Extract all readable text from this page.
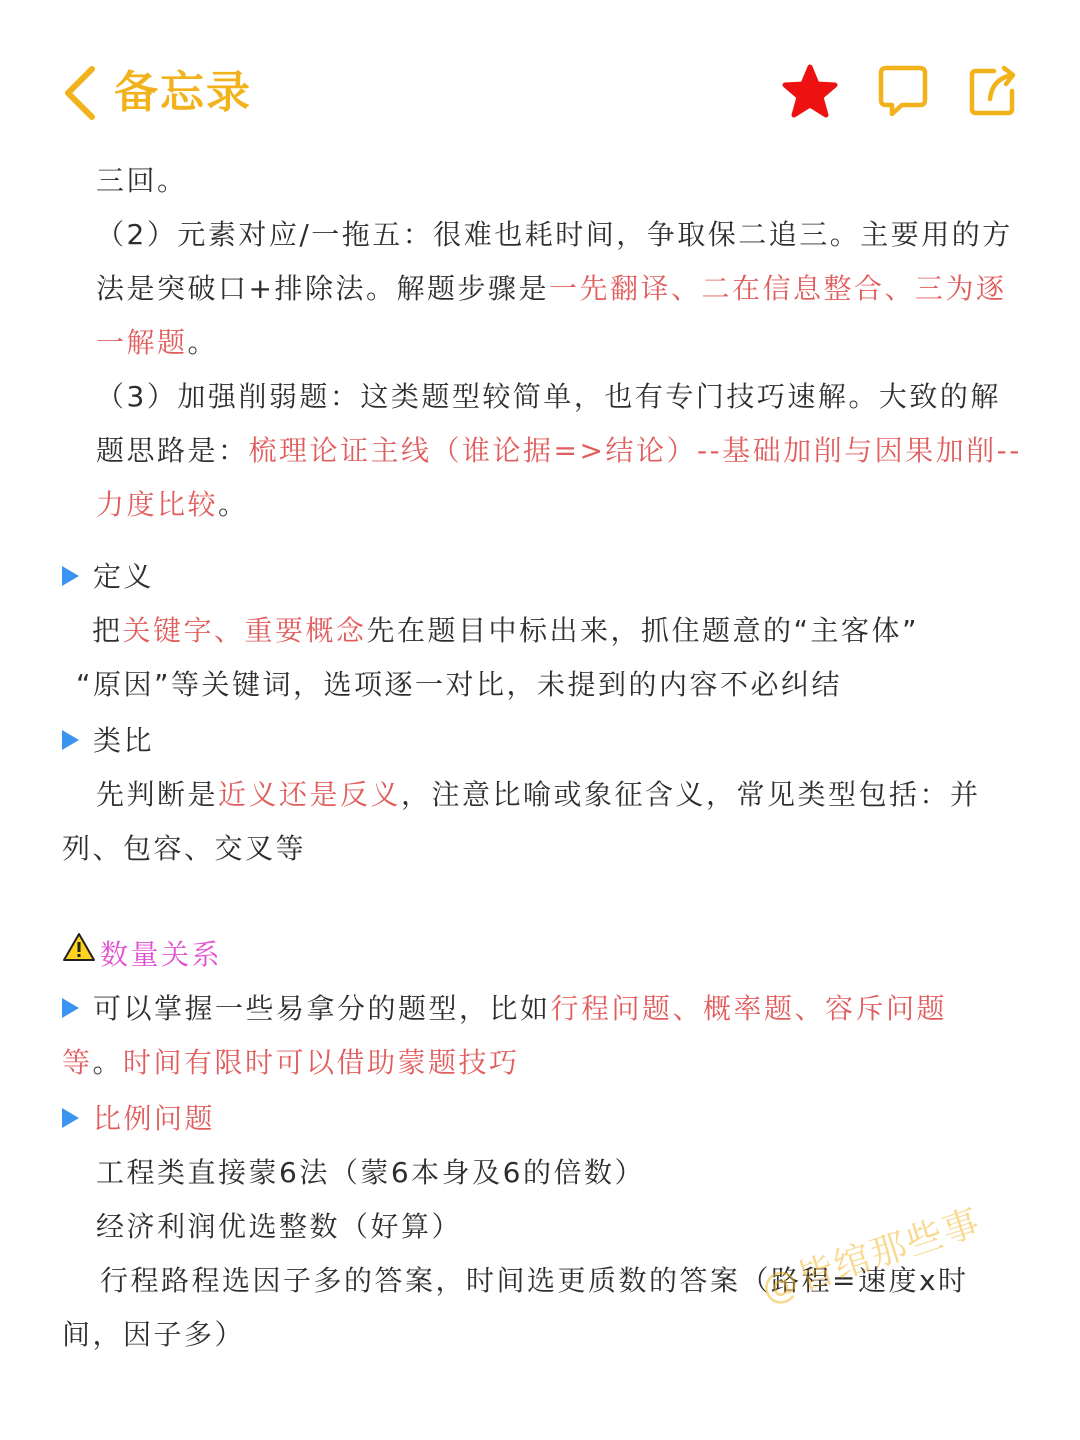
备忘录
三回。
（2）元素对应/一拖五：很难也耗时间，争取保二追三。主要用的方
法是突破口+排除法。解题步骤是一先翻译、二在信息整合、三为逐
一解题。
（3）加强削弱题：这类题型较简单，也有专门技巧速解。大致的解
题思路是：梳理论证主线（谁论据=>结论）--基础加削与因果加削--
力度比较。
定义
把关键字、重要概念先在题目中标出来，抓住题意的“主客体”
“原因”等关键词，选项逐一对比，未提到的内容不必纠结
类比
先判断是近义还是反义，注意比喻或象征含义，常见类型包括：并
列、包容、交叉等
数量关系
可以掌握一些易拿分的题型，比如行程问题、概率题、容斥问题
等。时间有限时可以借助蒙题技巧
比例问题
工程类直接蒙6法（蒙6本身及6的倍数）
经济利润优选整数（好算）
行程路程选因子多的答案，时间选更质数的答案（路程=速度x时
间，因子多）
@皆绾那些事
